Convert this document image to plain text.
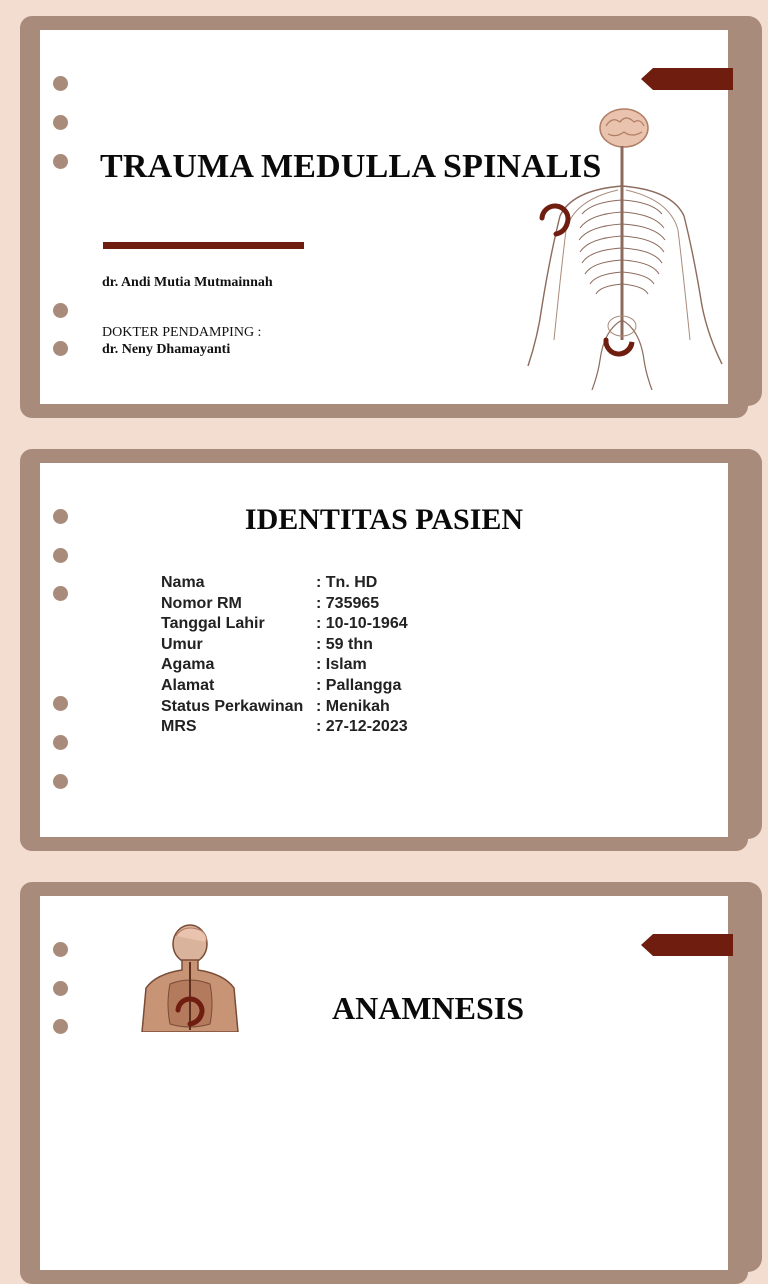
TRAUMA MEDULLA SPINALIS
dr. Andi Mutia Mutmainnah
DOKTER PENDAMPING :
dr. Neny Dhamayanti
IDENTITAS PASIEN
Nama	: Tn. HD
Nomor RM	: 735965
Tanggal Lahir	: 10-10-1964
Umur	: 59 thn
Agama	: Islam
Alamat	: Pallangga
Status Perkawinan : Menikah
MRS	: 27-12-2023
ANAMNESIS
